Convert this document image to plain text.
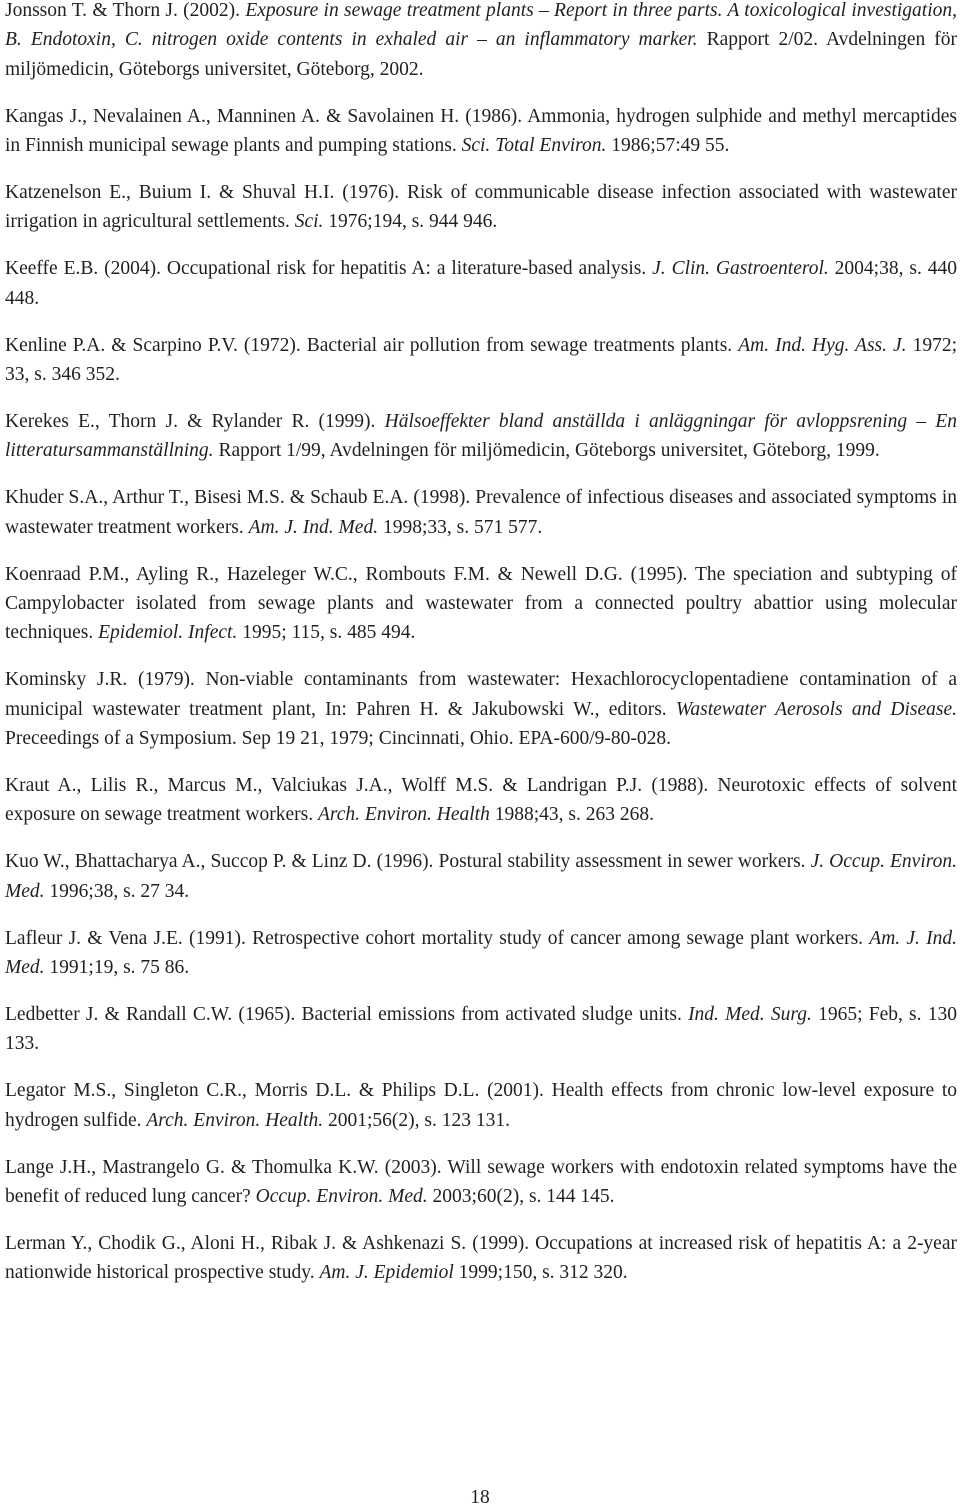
Jonsson T. & Thorn J. (2002). Exposure in sewage treatment plants – Report in three parts. A toxicological investigation, B. Endotoxin, C. nitrogen oxide contents in exhaled air – an inflammatory marker. Rapport 2/02. Avdelningen för miljömedicin, Göteborgs universitet, Göteborg, 2002.

Kangas J., Nevalainen A., Manninen A. & Savolainen H. (1986). Ammonia, hydrogen sulphide and methyl mercaptides in Finnish municipal sewage plants and pumping stations. Sci. Total Environ. 1986;57:49 55.

Katzenelson E., Buium I. & Shuval H.I. (1976). Risk of communicable disease infection associated with wastewater irrigation in agricultural settlements. Sci. 1976;194, s. 944 946.

Keeffe E.B. (2004). Occupational risk for hepatitis A: a literature-based analysis. J. Clin. Gastroenterol. 2004;38, s. 440 448.

Kenline P.A. & Scarpino P.V. (1972). Bacterial air pollution from sewage treatments plants. Am. Ind. Hyg. Ass. J. 1972; 33, s. 346 352.

Kerekes E., Thorn J. & Rylander R. (1999). Hälsoeffekter bland anställda i anläggningar för avloppsrening – En litteratursammanställning. Rapport 1/99, Avdelningen för miljömedicin, Göteborgs universitet, Göteborg, 1999.

Khuder S.A., Arthur T., Bisesi M.S. & Schaub E.A. (1998). Prevalence of infectious diseases and associated symptoms in wastewater treatment workers. Am. J. Ind. Med. 1998;33, s. 571 577.

Koenraad P.M., Ayling R., Hazeleger W.C., Rombouts F.M. & Newell D.G. (1995). The speciation and subtyping of Campylobacter isolated from sewage plants and wastewater from a connected poultry abattior using molecular techniques. Epidemiol. Infect. 1995; 115, s. 485 494.

Kominsky J.R. (1979). Non-viable contaminants from wastewater: Hexachlorocyclopentadiene contamination of a municipal wastewater treatment plant, In: Pahren H. & Jakubowski W., editors. Wastewater Aerosols and Disease. Preceedings of a Symposium. Sep 19 21, 1979; Cincinnati, Ohio. EPA-600/9-80-028.

Kraut A., Lilis R., Marcus M., Valciukas J.A., Wolff M.S. & Landrigan P.J. (1988). Neurotoxic effects of solvent exposure on sewage treatment workers. Arch. Environ. Health 1988;43, s. 263 268.

Kuo W., Bhattacharya A., Succop P. & Linz D. (1996). Postural stability assessment in sewer workers. J. Occup. Environ. Med. 1996;38, s. 27 34.

Lafleur J. & Vena J.E. (1991). Retrospective cohort mortality study of cancer among sewage plant workers. Am. J. Ind. Med. 1991;19, s. 75 86.

Ledbetter J. & Randall C.W. (1965). Bacterial emissions from activated sludge units. Ind. Med. Surg. 1965; Feb, s. 130 133.

Legator M.S., Singleton C.R., Morris D.L. & Philips D.L. (2001). Health effects from chronic low-level exposure to hydrogen sulfide. Arch. Environ. Health. 2001;56(2), s. 123 131.

Lange J.H., Mastrangelo G. & Thomulka K.W. (2003). Will sewage workers with endotoxin related symptoms have the benefit of reduced lung cancer? Occup. Environ. Med. 2003;60(2), s. 144 145.

Lerman Y., Chodik G., Aloni H., Ribak J. & Ashkenazi S. (1999). Occupations at increased risk of hepatitis A: a 2-year nationwide historical prospective study. Am. J. Epidemiol 1999;150, s. 312 320.

18
